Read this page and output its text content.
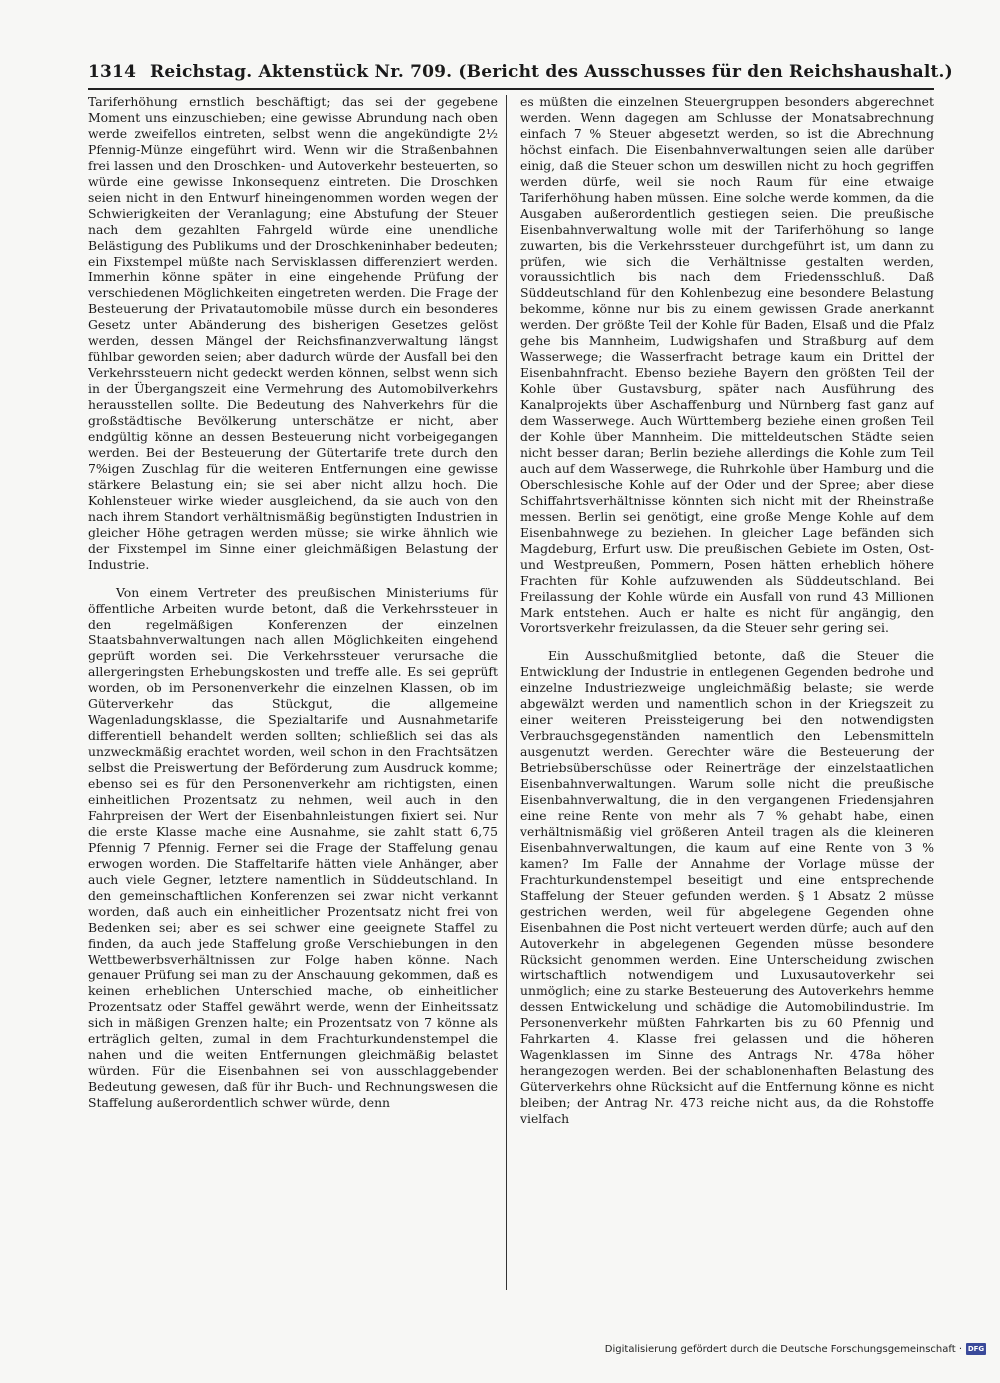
1314 Reichstag. Aktenstück Nr. 709. (Bericht des Ausschusses für den Reichshaushalt.)

Tariferhöhung ernstlich beschäftigt; das sei der gegebene Moment uns einzuschieben; eine gewisse Abrundung nach oben werde zweifellos eintreten, selbst wenn die angekündigte 2½ Pfennig-Münze eingeführt wird. Wenn wir die Straßenbahnen frei lassen und den Droschken- und Autoverkehr besteuerten, so würde eine gewisse Inkonsequenz eintreten. Die Droschken seien nicht in den Entwurf hineingenommen worden wegen der Schwierigkeiten der Veranlagung; eine Abstufung der Steuer nach dem gezahlten Fahrgeld würde eine unendliche Belästigung des Publikums und der Droschkeninhaber bedeuten; ein Fixstempel müßte nach Servisklassen differenziert werden. Immerhin könne später in eine eingehende Prüfung der verschiedenen Möglichkeiten eingetreten werden. Die Frage der Besteuerung der Privatautomobile müsse durch ein besonderes Gesetz unter Abänderung des bisherigen Gesetzes gelöst werden, dessen Mängel der Reichsfinanzverwaltung längst fühlbar geworden seien; aber dadurch würde der Ausfall bei den Verkehrssteuern nicht gedeckt werden können, selbst wenn sich in der Übergangszeit eine Vermehrung des Automobilverkehrs herausstellen sollte. Die Bedeutung des Nahverkehrs für die großstädtische Bevölkerung unterschätze er nicht, aber endgültig könne an dessen Besteuerung nicht vorbeigegangen werden. Bei der Besteuerung der Gütertarife trete durch den 7%igen Zuschlag für die weiteren Entfernungen eine gewisse stärkere Belastung ein; sie sei aber nicht allzu hoch. Die Kohlensteuer wirke wieder ausgleichend, da sie auch von den nach ihrem Standort verhältnismäßig begünstigten Industrien in gleicher Höhe getragen werden müsse; sie wirke ähnlich wie der Fixstempel im Sinne einer gleichmäßigen Belastung der Industrie.

Von einem Vertreter des preußischen Ministeriums für öffentliche Arbeiten wurde betont, daß die Verkehrssteuer in den regelmäßigen Konferenzen der einzelnen Staatsbahnverwaltungen nach allen Möglichkeiten eingehend geprüft worden sei. Die Verkehrssteuer verursache die allergeringsten Erhebungskosten und treffe alle. Es sei geprüft worden, ob im Personenverkehr die einzelnen Klassen, ob im Güterverkehr das Stückgut, die allgemeine Wagenladungsklasse, die Spezialtarife und Ausnahmetarife differentiell behandelt werden sollten; schließlich sei das als unzweckmäßig erachtet worden, weil schon in den Frachtsätzen selbst die Preiswertung der Beförderung zum Ausdruck komme; ebenso sei es für den Personenverkehr am richtigsten, einen einheitlichen Prozentsatz zu nehmen, weil auch in den Fahrpreisen der Wert der Eisenbahnleistungen fixiert sei. Nur die erste Klasse mache eine Ausnahme, sie zahlt statt 6,75 Pfennig 7 Pfennig. Ferner sei die Frage der Staffelung genau erwogen worden. Die Staffeltarife hätten viele Anhänger, aber auch viele Gegner, letztere namentlich in Süddeutschland. In den gemeinschaftlichen Konferenzen sei zwar nicht verkannt worden, daß auch ein einheitlicher Prozentsatz nicht frei von Bedenken sei; aber es sei schwer eine geeignete Staffel zu finden, da auch jede Staffelung große Verschiebungen in den Wettbewerbsverhältnissen zur Folge haben könne. Nach genauer Prüfung sei man zu der Anschauung gekommen, daß es keinen erheblichen Unterschied mache, ob einheitlicher Prozentsatz oder Staffel gewährt werde, wenn der Einheitssatz sich in mäßigen Grenzen halte; ein Prozentsatz von 7 könne als erträglich gelten, zumal in dem Frachturkundenstempel die nahen und die weiten Entfernungen gleichmäßig belastet würden. Für die Eisenbahnen sei von ausschlaggebender Bedeutung gewesen, daß für ihr Buch- und Rechnungswesen die Staffelung außerordentlich schwer würde, denn

es müßten die einzelnen Steuergruppen besonders abgerechnet werden. Wenn dagegen am Schlusse der Monatsabrechnung einfach 7 % Steuer abgesetzt werden, so ist die Abrechnung höchst einfach. Die Eisenbahnverwaltungen seien alle darüber einig, daß die Steuer schon um deswillen nicht zu hoch gegriffen werden dürfe, weil sie noch Raum für eine etwaige Tariferhöhung haben müssen. Eine solche werde kommen, da die Ausgaben außerordentlich gestiegen seien. Die preußische Eisenbahnverwaltung wolle mit der Tariferhöhung so lange zuwarten, bis die Verkehrssteuer durchgeführt ist, um dann zu prüfen, wie sich die Verhältnisse gestalten werden, voraussichtlich bis nach dem Friedensschluß. Daß Süddeutschland für den Kohlenbezug eine besondere Belastung bekomme, könne nur bis zu einem gewissen Grade anerkannt werden. Der größte Teil der Kohle für Baden, Elsaß und die Pfalz gehe bis Mannheim, Ludwigshafen und Straßburg auf dem Wasserwege; die Wasserfracht betrage kaum ein Drittel der Eisenbahnfracht. Ebenso beziehe Bayern den größten Teil der Kohle über Gustavsburg, später nach Ausführung des Kanalprojekts über Aschaffenburg und Nürnberg fast ganz auf dem Wasserwege. Auch Württemberg beziehe einen großen Teil der Kohle über Mannheim. Die mitteldeutschen Städte seien nicht besser daran; Berlin beziehe allerdings die Kohle zum Teil auch auf dem Wasserwege, die Ruhrkohle über Hamburg und die Oberschlesische Kohle auf der Oder und der Spree; aber diese Schiffahrtsverhältnisse könnten sich nicht mit der Rheinstraße messen. Berlin sei genötigt, eine große Menge Kohle auf dem Eisenbahnwege zu beziehen. In gleicher Lage befänden sich Magdeburg, Erfurt usw. Die preußischen Gebiete im Osten, Ost- und Westpreußen, Pommern, Posen hätten erheblich höhere Frachten für Kohle aufzuwenden als Süddeutschland. Bei Freilassung der Kohle würde ein Ausfall von rund 43 Millionen Mark entstehen. Auch er halte es nicht für angängig, den Vorortsverkehr freizulassen, da die Steuer sehr gering sei.

Ein Ausschußmitglied betonte, daß die Steuer die Entwicklung der Industrie in entlegenen Gegenden bedrohe und einzelne Industriezweige ungleichmäßig belaste; sie werde abgewälzt werden und namentlich schon in der Kriegszeit zu einer weiteren Preissteigerung bei den notwendigsten Verbrauchsgegenständen namentlich den Lebensmitteln ausgenutzt werden. Gerechter wäre die Besteuerung der Betriebsüberschüsse oder Reinerträge der einzelstaatlichen Eisenbahnverwaltungen. Warum solle nicht die preußische Eisenbahnverwaltung, die in den vergangenen Friedensjahren eine reine Rente von mehr als 7 % gehabt habe, einen verhältnismäßig viel größeren Anteil tragen als die kleineren Eisenbahnverwaltungen, die kaum auf eine Rente von 3 % kamen? Im Falle der Annahme der Vorlage müsse der Frachturkundenstempel beseitigt und eine entsprechende Staffelung der Steuer gefunden werden. § 1 Absatz 2 müsse gestrichen werden, weil für abgelegene Gegenden ohne Eisenbahnen die Post nicht verteuert werden dürfe; auch auf den Autoverkehr in abgelegenen Gegenden müsse besondere Rücksicht genommen werden. Eine Unterscheidung zwischen wirtschaftlich notwendigem und Luxusautoverkehr sei unmöglich; eine zu starke Besteuerung des Autoverkehrs hemme dessen Entwickelung und schädige die Automobilindustrie. Im Personenverkehr müßten Fahrkarten bis zu 60 Pfennig und Fahrkarten 4. Klasse frei gelassen und die höheren Wagenklassen im Sinne des Antrags Nr. 478a höher herangezogen werden. Bei der schablonenhaften Belastung des Güterverkehrs ohne Rücksicht auf die Entfernung könne es nicht bleiben; der Antrag Nr. 473 reiche nicht aus, da die Rohstoffe vielfach

Digitalisierung gefördert durch die Deutsche Forschungsgemeinschaft · DFG
